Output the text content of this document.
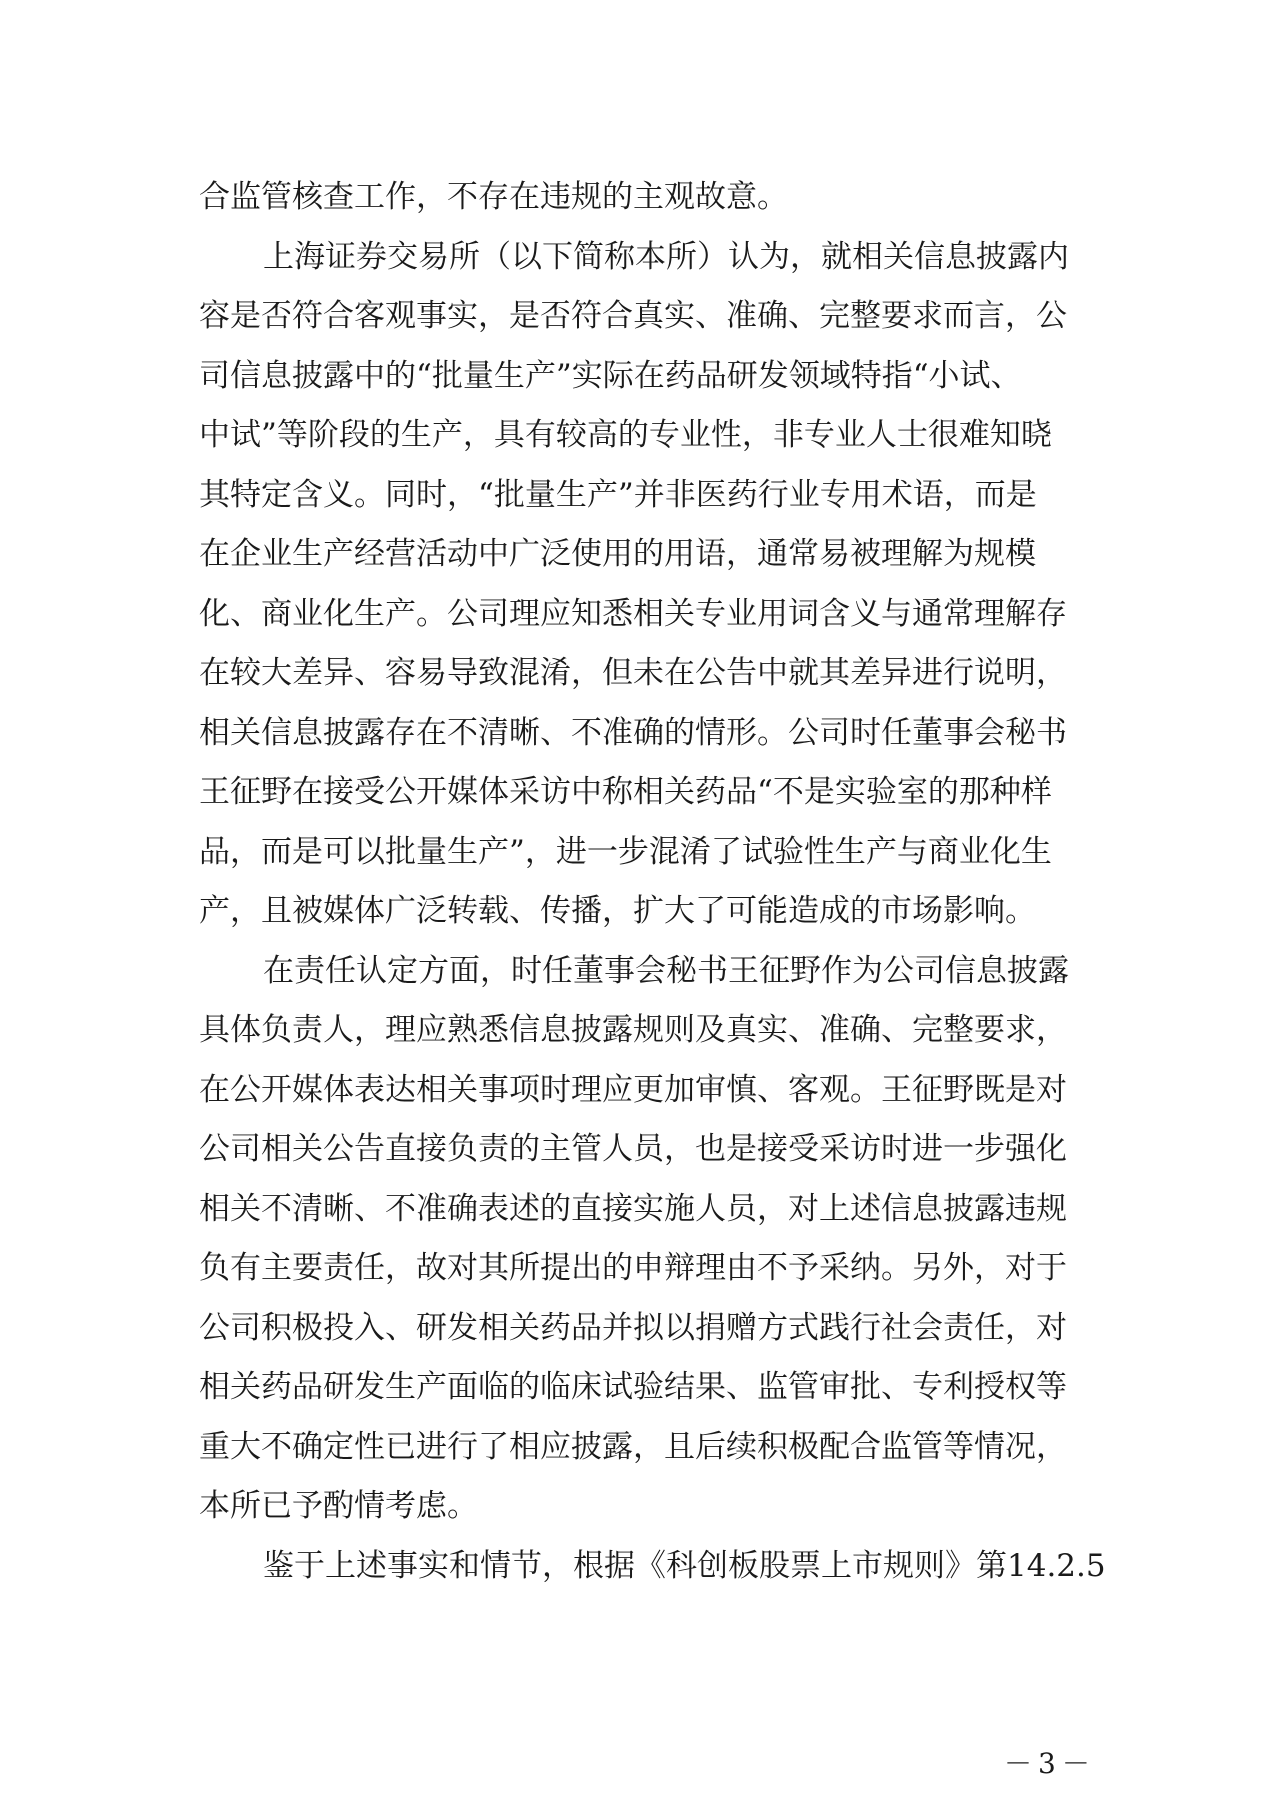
合监管核查工作，不存在违规的主观故意。
上海证券交易所（以下简称本所）认为，就相关信息披露内
容是否符合客观事实，是否符合真实、准确、完整要求而言，公
司信息披露中的“批量生产”实际在药品研发领域特指“小试、
中试”等阶段的生产，具有较高的专业性，非专业人士很难知晓
其特定含义。同时，“批量生产”并非医药行业专用术语，而是
在企业生产经营活动中广泛使用的用语，通常易被理解为规模
化、商业化生产。公司理应知悉相关专业用词含义与通常理解存
在较大差异、容易导致混淆，但未在公告中就其差异进行说明，
相关信息披露存在不清晰、不准确的情形。公司时任董事会秘书
王征野在接受公开媒体采访中称相关药品“不是实验室的那种样
品，而是可以批量生产”，进一步混淆了试验性生产与商业化生
产，且被媒体广泛转载、传播，扩大了可能造成的市场影响。
在责任认定方面，时任董事会秘书王征野作为公司信息披露
具体负责人，理应熟悉信息披露规则及真实、准确、完整要求，
在公开媒体表达相关事项时理应更加审慎、客观。王征野既是对
公司相关公告直接负责的主管人员，也是接受采访时进一步强化
相关不清晰、不准确表述的直接实施人员，对上述信息披露违规
负有主要责任，故对其所提出的申辩理由不予采纳。另外，对于
公司积极投入、研发相关药品并拟以捐赠方式践行社会责任，对
相关药品研发生产面临的临床试验结果、监管审批、专利授权等
重大不确定性已进行了相应披露，且后续积极配合监管等情况，
本所已予酌情考虑。
鉴于上述事实和情节，根据《科创板股票上市规则》第14.2.5
－3－
